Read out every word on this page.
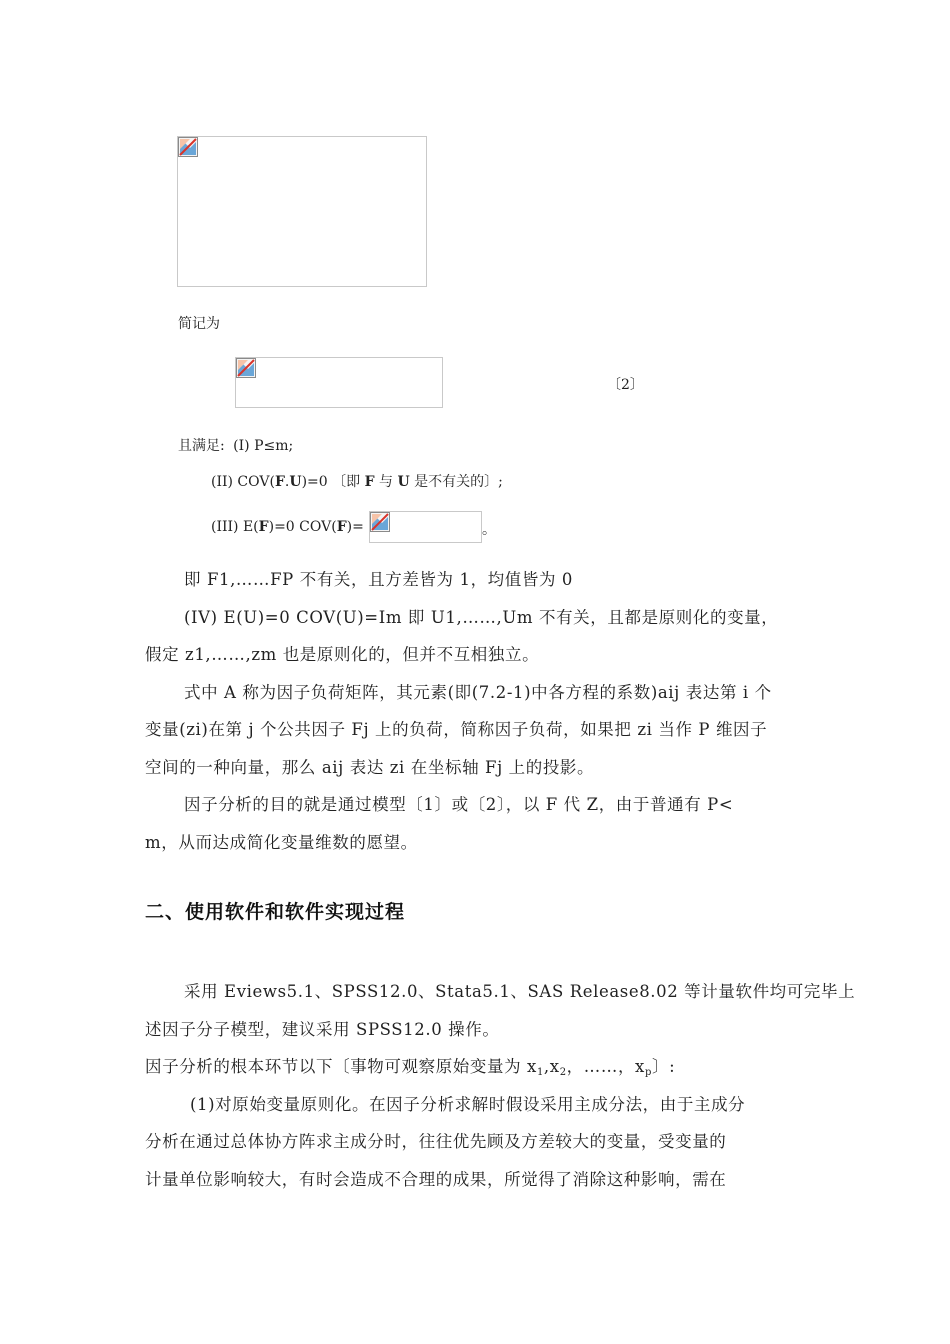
简记为
〔2〕
且满足: (I) P≤m;
(II) COV(F.U)=0 〔即 F 与 U 是不有关的〕;
(III) E(F)=0 COV(F)=	。
即 F1,……FP 不有关，且方差皆为 1，均值皆为 0
(IV) E(U)=0 COV(U)=Im 即 U1,……,Um 不有关，且都是原则化的变量，
假定 z1,……,zm 也是原则化的，但并不互相独立。
式中 A 称为因子负荷矩阵，其元素(即(7.2-1)中各方程的系数)aij 表达第 i 个
变量(zi)在第 j 个公共因子 Fj 上的负荷，简称因子负荷，如果把 zi 当作 P 维因子
空间的一种向量，那么 aij 表达 zi 在坐标轴 Fj 上的投影。
因子分析的目的就是通过模型〔1〕或〔2〕，以 F 代 Z，由于普通有 P<
m，从而达成简化变量维数的愿望。
二、使用软件和软件实现过程
采用 Eviews5.1、SPSS12.0、Stata5.1、SAS Release8.02 等计量软件均可完毕上
述因子分子模型，建议采用 SPSS12.0 操作。
因子分析的根本环节以下〔事物可观察原始变量为 $x_1,x_2$，……，$x_p$〕:
(1)对原始变量原则化。在因子分析求解时假设采用主成分法，由于主成分
分析在通过总体协方阵求主成分时，往往优先顾及方差较大的变量，受变量的
计量单位影响较大，有时会造成不合理的成果，所觉得了消除这种影响，需在
